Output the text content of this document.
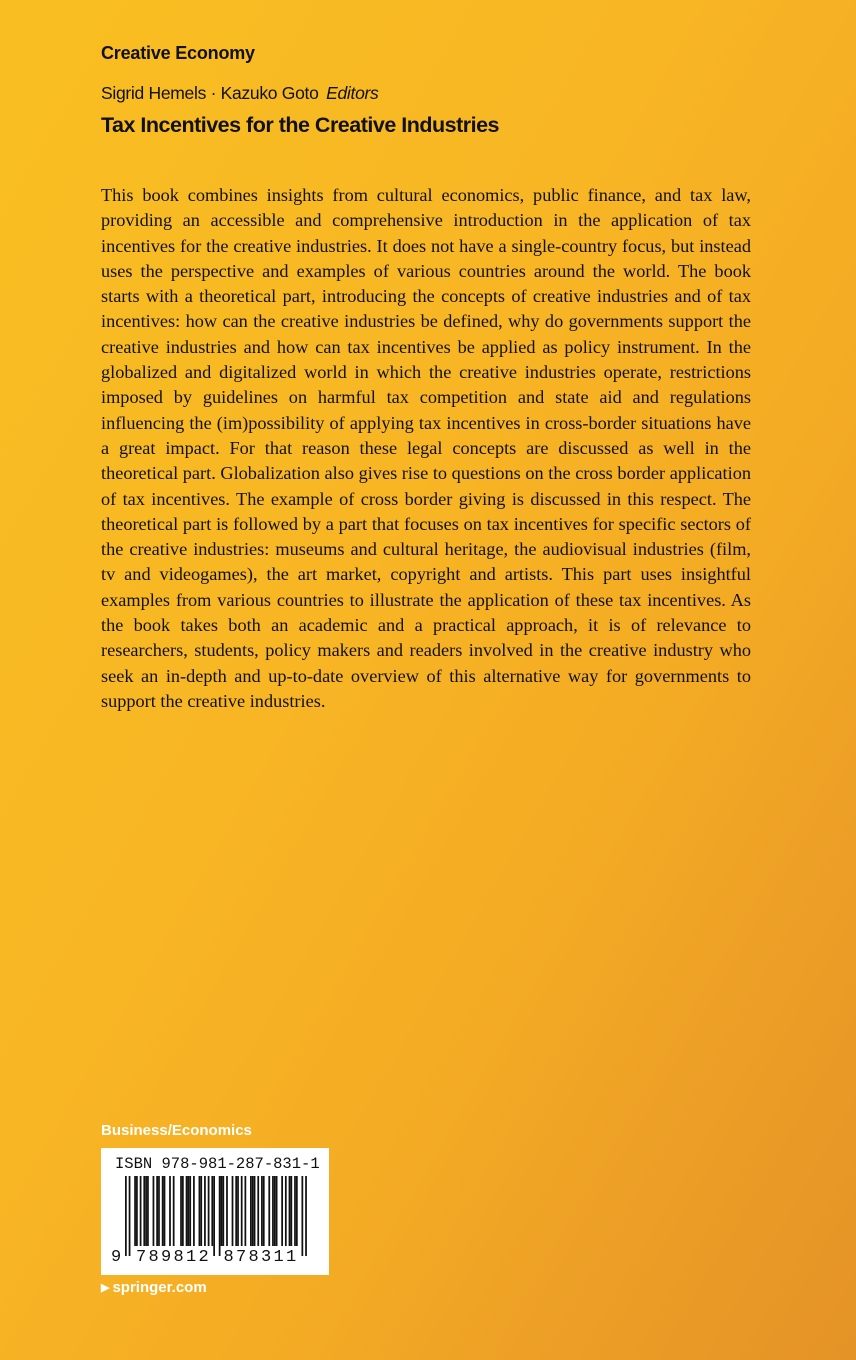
Creative Economy
Sigrid Hemels · Kazuko Goto Editors
Tax Incentives for the Creative Industries

This book combines insights from cultural economics, public finance, and tax law, providing an accessible and comprehensive introduction in the application of tax incentives for the creative industries. It does not have a single-country focus, but instead uses the perspective and examples of various countries around the world. The book starts with a theoretical part, introducing the concepts of creative industries and of tax incentives: how can the creative industries be defined, why do governments support the creative industries and how can tax incentives be applied as policy instrument. In the globalized and digitalized world in which the creative industries operate, restrictions imposed by guidelines on harmful tax competition and state aid and regulations influencing the (im)possibility of applying tax incentives in cross-border situations have a great impact. For that reason these legal concepts are discussed as well in the theoretical part. Globalization also gives rise to questions on the cross border application of tax incentives. The example of cross border giving is discussed in this respect. The theoretical part is followed by a part that focuses on tax incentives for specific sectors of the creative industries: museums and cultural heritage, the audiovisual industries (film, tv and videogames), the art market, copyright and artists. This part uses insightful examples from various countries to illustrate the application of these tax incentives. As the book takes both an academic and a practical approach, it is of relevance to researchers, students, policy makers and readers involved in the creative industry who seek an in-depth and up-to-date overview of this alternative way for governments to support the creative industries.

Business/Economics
ISBN 978-981-287-831-1
9 789812 878311
▶ springer.com
